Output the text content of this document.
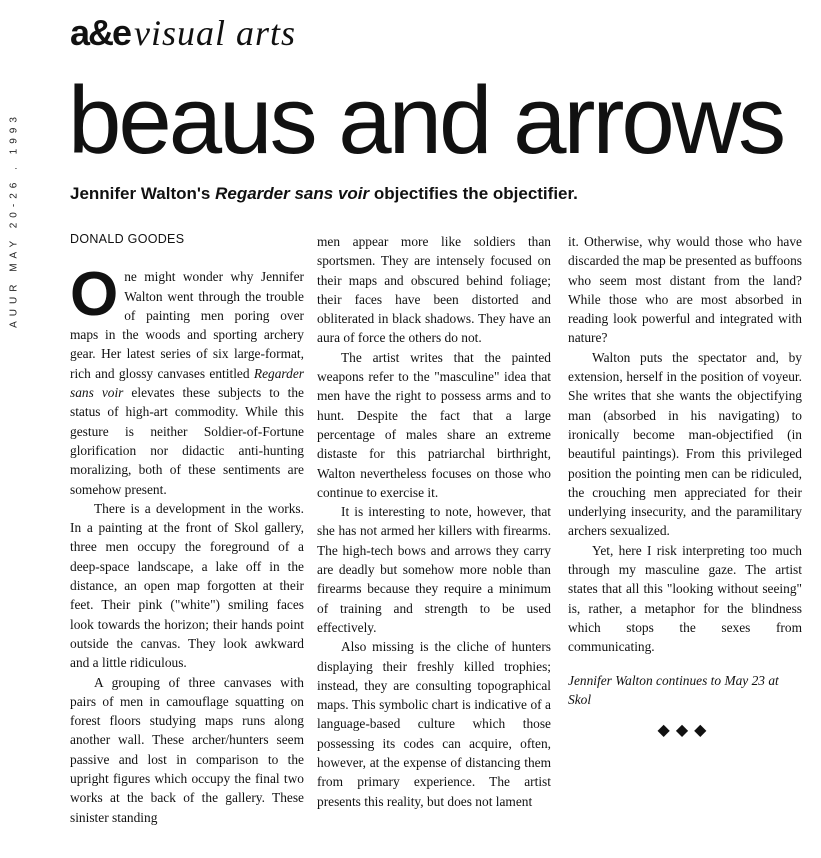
AUUR MAY 20-26 . 1993
a&e visual arts
beaus and arrows
Jennifer Walton's Regarder sans voir objectifies the objectifier.

DONALD GOODES

One might wonder why Jennifer Walton went through the trouble of painting men poring over maps in the woods and sporting archery gear. Her latest series of six large-format, rich and glossy canvases entitled Regarder sans voir elevates these subjects to the status of high-art commodity. While this gesture is neither Soldier-of-Fortune glorification nor didactic anti-hunting moralizing, both of these sentiments are somehow present.

There is a development in the works. In a painting at the front of Skol gallery, three men occupy the foreground of a deep-space landscape, a lake off in the distance, an open map forgotten at their feet. Their pink ("white") smiling faces look towards the horizon; their hands point outside the canvas. They look awkward and a little ridiculous.

A grouping of three canvases with pairs of men in camouflage squatting on forest floors studying maps runs along another wall. These archer/hunters seem passive and lost in comparison to the upright figures which occupy the final two works at the back of the gallery. These sinister standing

men appear more like soldiers than sportsmen. They are intensely focused on their maps and obscured behind foliage; their faces have been distorted and obliterated in black shadows. They have an aura of force the others do not.

The artist writes that the painted weapons refer to the "masculine" idea that men have the right to possess arms and to hunt. Despite the fact that a large percentage of males share an extreme distaste for this patriarchal birthright, Walton nevertheless focuses on those who continue to exercise it.

It is interesting to note, however, that she has not armed her killers with firearms. The high-tech bows and arrows they carry are deadly but somehow more noble than firearms because they require a minimum of training and strength to be used effectively.

Also missing is the cliche of hunters displaying their freshly killed trophies; instead, they are consulting topographical maps. This symbolic chart is indicative of a language-based culture which those possessing its codes can acquire, often, however, at the expense of distancing them from primary experience. The artist presents this reality, but does not lament

it. Otherwise, why would those who have discarded the map be presented as buffoons who seem most distant from the land? While those who are most absorbed in reading look powerful and integrated with nature?

Walton puts the spectator and, by extension, herself in the position of voyeur. She writes that she wants the objectifying man (absorbed in his navigating) to ironically become man-objectified (in beautiful paintings). From this privileged position the pointing men can be ridiculed, the crouching men appreciated for their underlying insecurity, and the paramilitary archers sexualized.

Yet, here I risk interpreting too much through my masculine gaze. The artist states that all this "looking without seeing" is, rather, a metaphor for the blindness which stops the sexes from communicating.

Jennifer Walton continues to May 23 at Skol

◆◆◆
